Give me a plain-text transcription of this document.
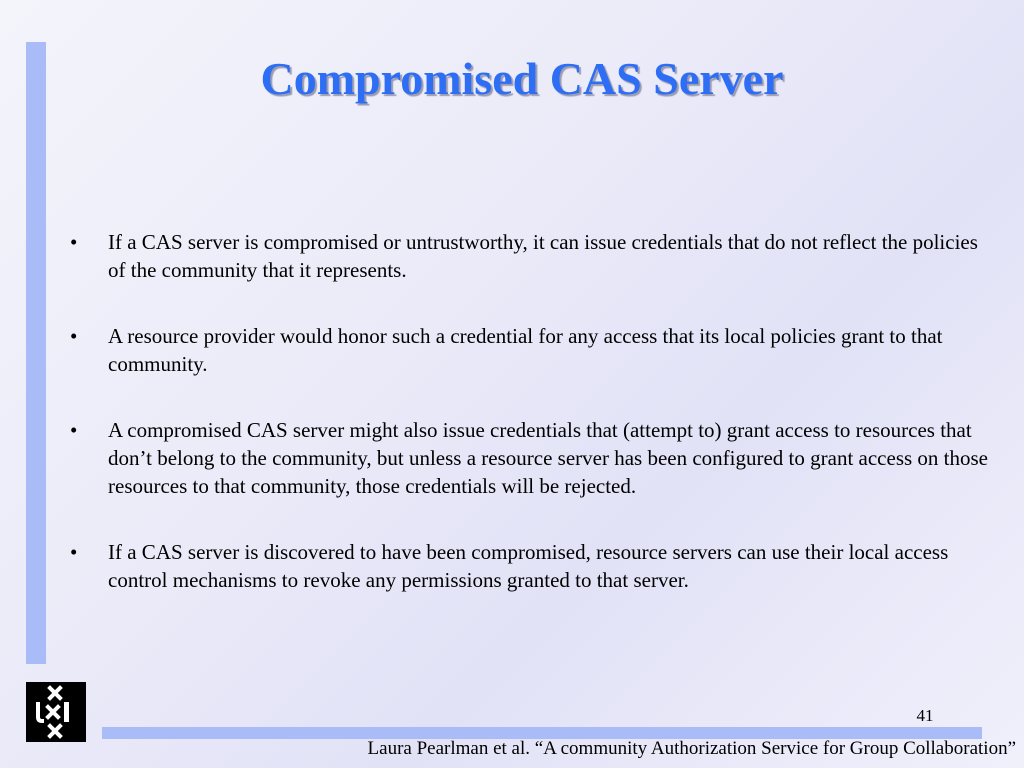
Compromised CAS Server
• If a CAS server is compromised or untrustworthy, it can issue credentials that do not reflect the policies of the community that it represents.
• A resource provider would honor such a credential for any access that its local policies grant to that community.
• A compromised CAS server might also issue credentials that (attempt to) grant access to resources that don’t belong to the community, but unless a resource server has been configured to grant access on those resources to that community, those credentials will be rejected.
• If a CAS server is discovered to have been compromised, resource servers can use their local access control mechanisms to revoke any permissions granted to that server.
41
Laura Pearlman et al. “A community Authorization Service for Group Collaboration”
